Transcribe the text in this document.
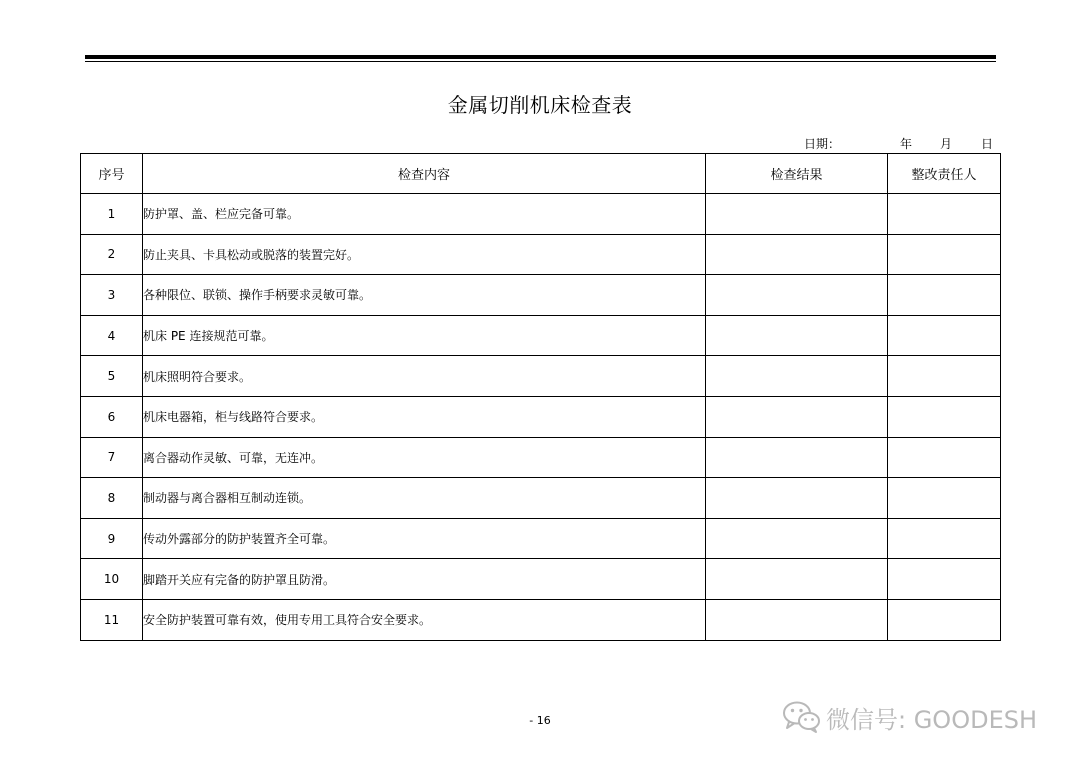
金属切削机床检查表
日期：	年 月 日
序号	检查内容	检查结果	整改责任人
1	防护罩、盖、栏应完备可靠。		
2	防止夹具、卡具松动或脱落的装置完好。		
3	各种限位、联锁、操作手柄要求灵敏可靠。		
4	机床 PE 连接规范可靠。		
5	机床照明符合要求。		
6	机床电器箱，柜与线路符合要求。		
7	离合器动作灵敏、可靠，无连冲。		
8	制动器与离合器相互制动连锁。		
9	传动外露部分的防护装置齐全可靠。		
10	脚踏开关应有完备的防护罩且防滑。		
11	安全防护装置可靠有效，使用专用工具符合安全要求。		
- 16	微信号: GOODESH
